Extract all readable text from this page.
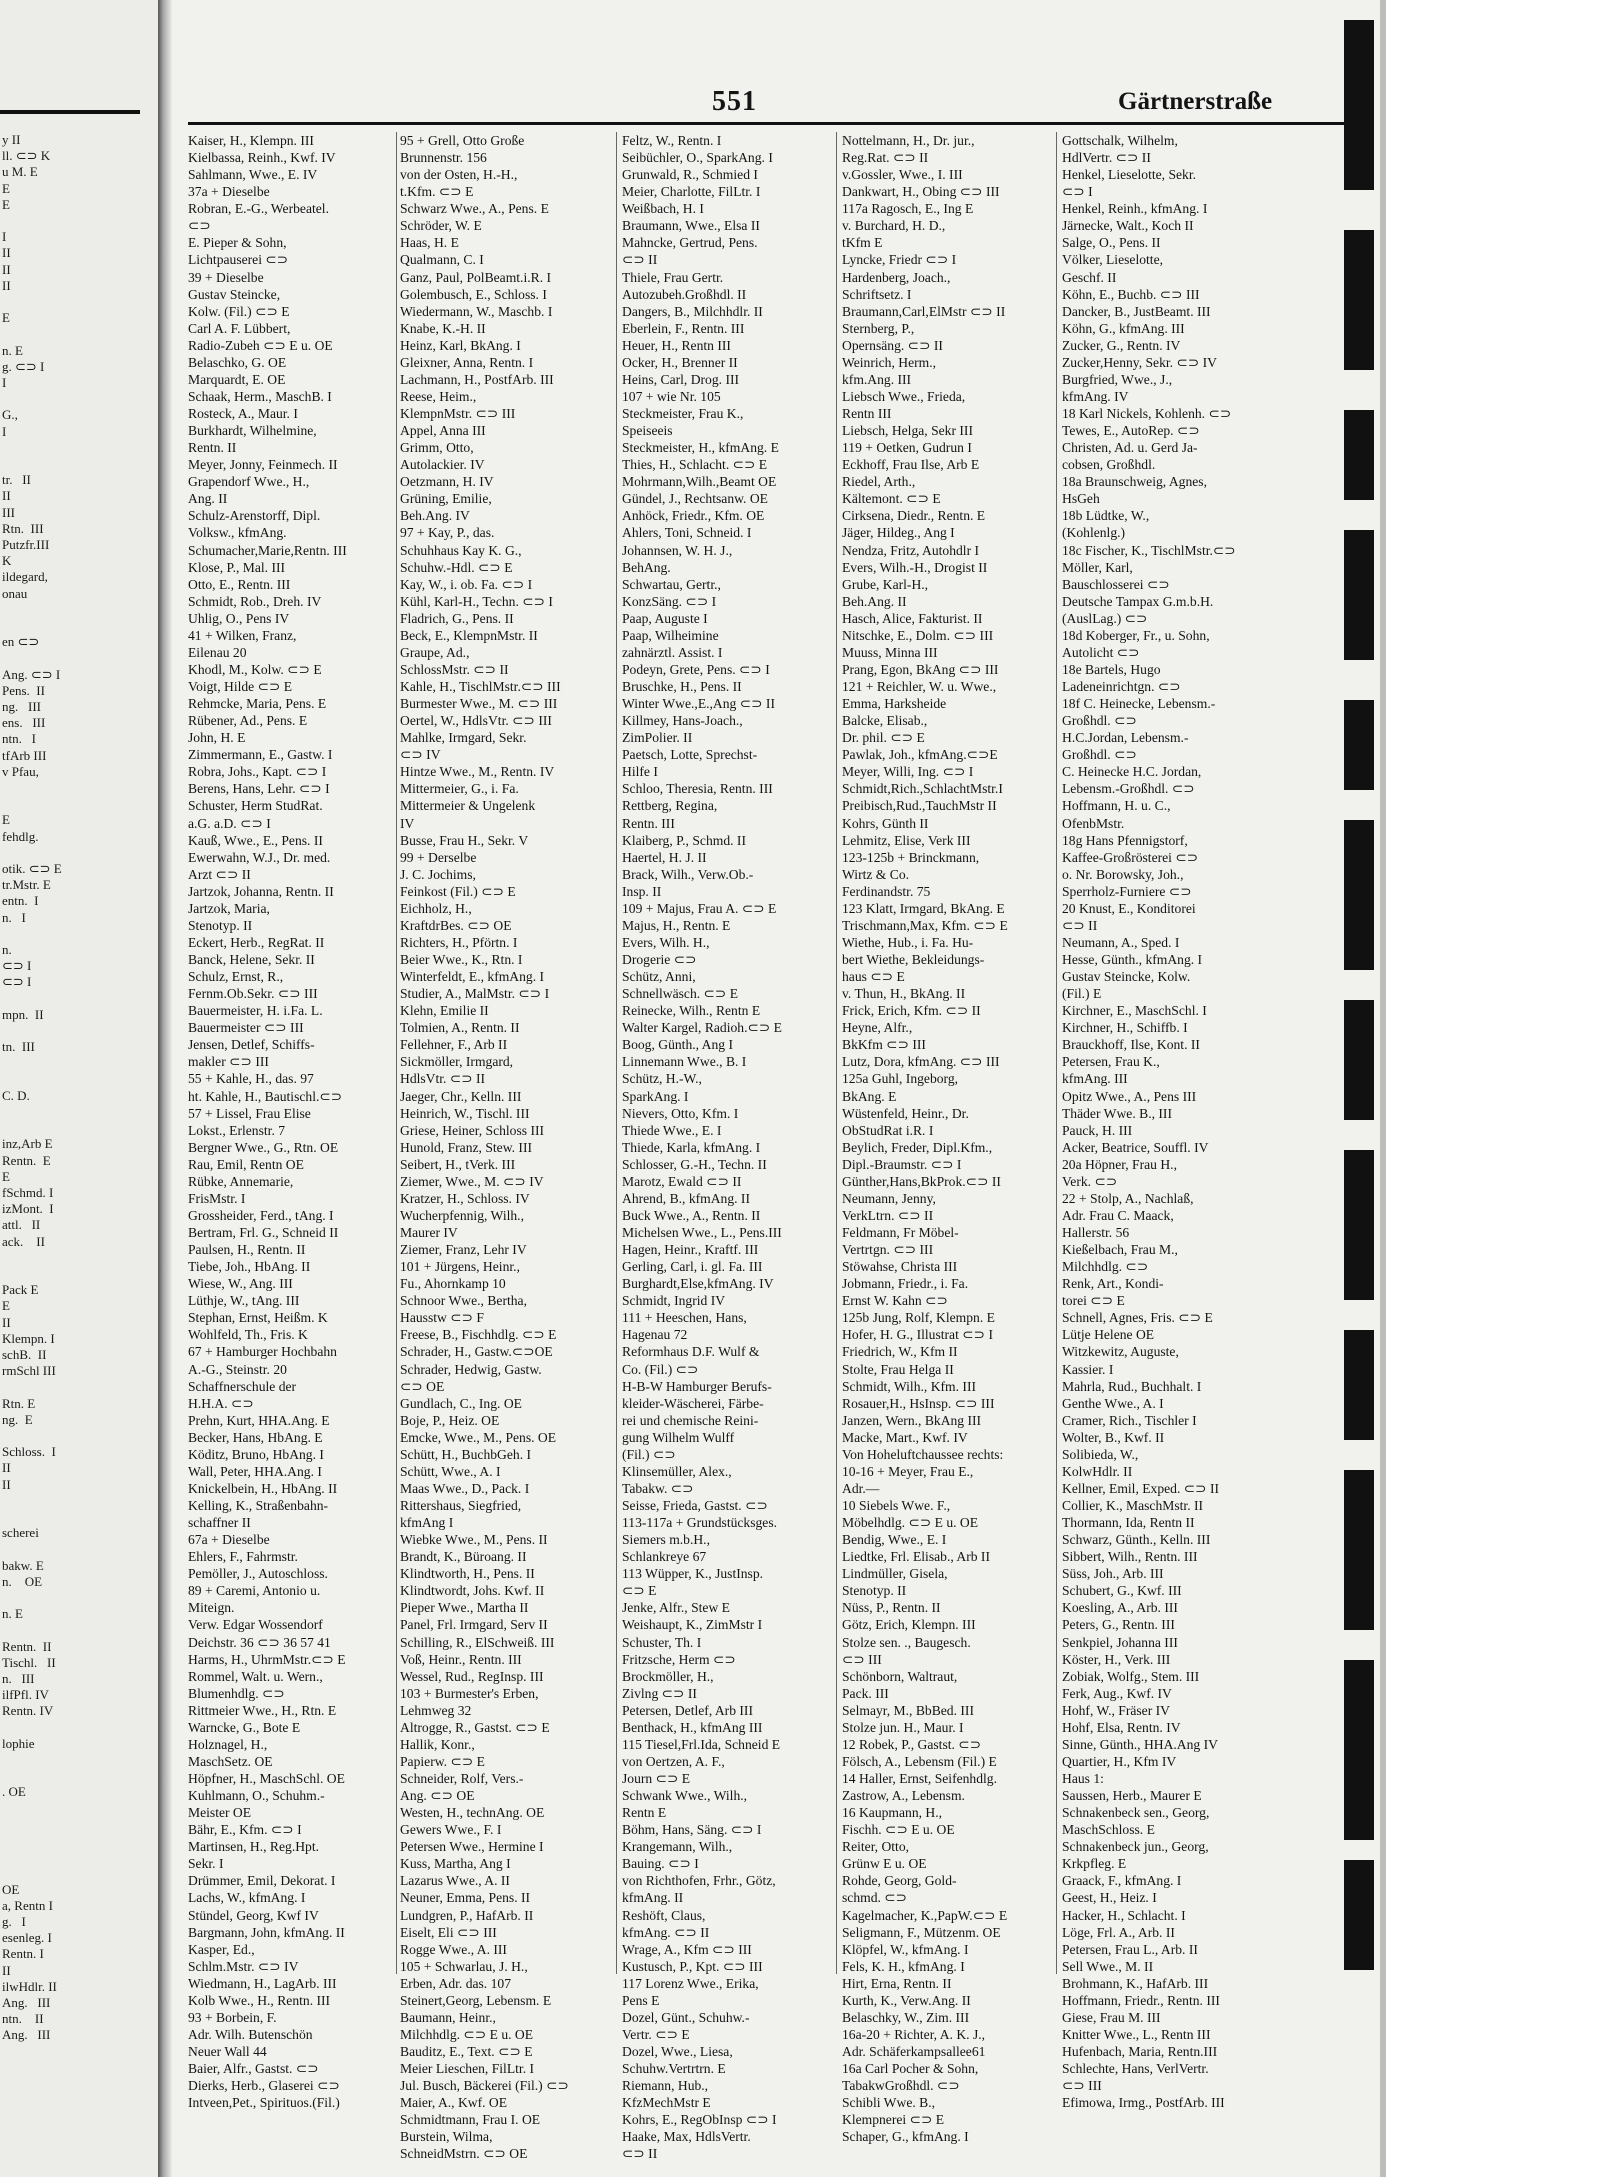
y II
ll. ⊂⊃ K
u M. E
E
E
I
II
II
II
E
n. E
g. ⊂⊃ I
I
G.,
I
tr.   II
II
III
Rtn.  III
Putzfr.III
K
ildegard,
onau
en ⊂⊃
Ang. ⊂⊃ I
Pens.  II
ng.   III
ens.   III
ntn.   I
tfArb III
v Pfau,
E
fehdlg.
otik. ⊂⊃ E
tr.Mstr. E
entn.  I
n.   I
n.
⊂⊃ I
⊂⊃ I
mpn.  II
tn.  III
C. D.
inz,Arb E
Rentn.  E
E
fSchmd. I
izMont.  I
attl.   II
ack.    II
Pack E
E
II
Klempn. I
schB.  II
rmSchl III
Rtn. E
ng.  E
Schloss.  I
II
II
scherei
bakw. E
n.    OE
n. E
Rentn.  II
Tischl.   II
n.   III
ilfPfl. IV
Rentn. IV
lophie
. OE
OE
a, Rentn I
g.   I
esenleg. I
Rentn. I
II
ilwHdlr. II
Ang.   III
ntn.    II
Ang.   III
551	Gärtnerstraße
Kaiser, H., Klempn. III
Kielbassa, Reinh., Kwf. IV
Sahlmann, Wwe., E. IV
37a + Dieselbe
Robran, E.-G., Werbeatel.
⊂⊃
E. Pieper & Sohn,
Lichtpauserei ⊂⊃
39 + Dieselbe
Gustav Steincke,
Kolw. (Fil.) ⊂⊃ E
Carl A. F. Lübbert,
Radio-Zubeh ⊂⊃ E u. OE
Belaschko, G. OE
Marquardt, E. OE
Schaak, Herm., MaschB. I
Rosteck, A., Maur. I
Burkhardt, Wilhelmine,
Rentn. II
Meyer, Jonny, Feinmech. II
Grapendorf Wwe., H.,
Ang. II
Schulz-Arenstorff, Dipl.
Volksw., kfmAng.
Schumacher,Marie,Rentn. III
Klose, P., Mal. III
Otto, E., Rentn. III
Schmidt, Rob., Dreh. IV
Uhlig, O., Pens IV
41 + Wilken, Franz,
Eilenau 20
Khodl, M., Kolw. ⊂⊃ E
Voigt, Hilde ⊂⊃ E
Rehmcke, Maria, Pens. E
Rübener, Ad., Pens. E
John, H. E
Zimmermann, E., Gastw. I
Robra, Johs., Kapt. ⊂⊃ I
Berens, Hans, Lehr. ⊂⊃ I
Schuster, Herm StudRat.
a.G. a.D. ⊂⊃ I
Kauß, Wwe., E., Pens. II
Ewerwahn, W.J., Dr. med.
Arzt ⊂⊃ II
Jartzok, Johanna, Rentn. II
Jartzok, Maria,
Stenotyp. II
Eckert, Herb., RegRat. II
Banck, Helene, Sekr. II
Schulz, Ernst, R.,
Fernm.Ob.Sekr. ⊂⊃ III
Bauermeister, H. i.Fa. L.
Bauermeister ⊂⊃ III
Jensen, Detlef, Schiffs-
makler ⊂⊃ III
55 + Kahle, H., das. 97
ht. Kahle, H., Bautischl.⊂⊃
57 + Lissel, Frau Elise
Lokst., Erlenstr. 7
Bergner Wwe., G., Rtn. OE
Rau, Emil, Rentn OE
Rübke, Annemarie,
FrisMstr. I
Grossheider, Ferd., tAng. I
Bertram, Frl. G., Schneid II
Paulsen, H., Rentn. II
Tiebe, Joh., HbAng. II
Wiese, W., Ang. III
Lüthje, W., tAng. III
Stephan, Ernst, Heißm. K
Wohlfeld, Th., Fris. K
67 + Hamburger Hochbahn
A.-G., Steinstr. 20
Schaffnerschule der
H.H.A. ⊂⊃
Prehn, Kurt, HHA.Ang. E
Becker, Hans, HbAng. E
Köditz, Bruno, HbAng. I
Wall, Peter, HHA.Ang. I
Knickelbein, H., HbAng. II
Kelling, K., Straßenbahn-
schaffner II
67a + Dieselbe
Ehlers, F., Fahrmstr.
Pemöller, J., Autoschloss.
89 + Caremi, Antonio u.
Miteign.
Verw. Edgar Wossendorf
Deichstr. 36 ⊂⊃ 36 57 41
Harms, H., UhrmMstr.⊂⊃ E
Rommel, Walt. u. Wern.,
Blumenhdlg. ⊂⊃
Rittmeier Wwe., H., Rtn. E
Warncke, G., Bote E
Holznagel, H.,
MaschSetz. OE
Höpfner, H., MaschSchl. OE
Kuhlmann, O., Schuhm.-
Meister OE
Bähr, E., Kfm. ⊂⊃ I
Martinsen, H., Reg.Hpt.
Sekr. I
Drümmer, Emil, Dekorat. I
Lachs, W., kfmAng. I
Stündel, Georg, Kwf IV
Bargmann, John, kfmAng. II
Kasper, Ed.,
Schlm.Mstr. ⊂⊃ IV
Wiedmann, H., LagArb. III
Kolb Wwe., H., Rentn. III
93 + Borbein, F.
Adr. Wilh. Butenschön
Neuer Wall 44
Baier, Alfr., Gastst. ⊂⊃
Dierks, Herb., Glaserei ⊂⊃
Intveen,Pet., Spirituos.(Fil.)
95 + Grell, Otto Große
Brunnenstr. 156
von der Osten, H.-H.,
t.Kfm. ⊂⊃ E
Schwarz Wwe., A., Pens. E
Schröder, W. E
Haas, H. E
Qualmann, C. I
Ganz, Paul, PolBeamt.i.R. I
Golembusch, E., Schloss. I
Wiedermann, W., Maschb. I
Knabe, K.-H. II
Heinz, Karl, BkAng. I
Gleixner, Anna, Rentn. I
Lachmann, H., PostfArb. III
Reese, Heim.,
KlempnMstr. ⊂⊃ III
Appel, Anna III
Grimm, Otto,
Autolackier. IV
Oetzmann, H. IV
Grüning, Emilie,
Beh.Ang. IV
97 + Kay, P., das.
Schuhhaus Kay K. G.,
Schuhw.-Hdl. ⊂⊃ E
Kay, W., i. ob. Fa. ⊂⊃ I
Kühl, Karl-H., Techn. ⊂⊃ I
Fladrich, G., Pens. II
Beck, E., KlempnMstr. II
Graupe, Ad.,
SchlossMstr. ⊂⊃ II
Kahle, H., TischlMstr.⊂⊃ III
Burmester Wwe., M. ⊂⊃ III
Oertel, W., HdlsVtr. ⊂⊃ III
Mahlke, Irmgard, Sekr.
⊂⊃ IV
Hintze Wwe., M., Rentn. IV
Mittermeier, G., i. Fa.
Mittermeier & Ungelenk
IV
Busse, Frau H., Sekr. V
99 + Derselbe
J. C. Jochims,
Feinkost (Fil.) ⊂⊃ E
Eichholz, H.,
KraftdrBes. ⊂⊃ OE
Richters, H., Pförtn. I
Beier Wwe., K., Rtn. I
Winterfeldt, E., kfmAng. I
Studier, A., MalMstr. ⊂⊃ I
Klehn, Emilie II
Tolmien, A., Rentn. II
Fellehner, F., Arb II
Sickmöller, Irmgard,
HdlsVtr. ⊂⊃ II
Jaeger, Chr., Kelln. III
Heinrich, W., Tischl. III
Griese, Heiner, Schloss III
Hunold, Franz, Stew. III
Seibert, H., tVerk. III
Ziemer, Wwe., M. ⊂⊃ IV
Kratzer, H., Schloss. IV
Wucherpfennig, Wilh.,
Maurer IV
Ziemer, Franz, Lehr IV
101 + Jürgens, Heinr.,
Fu., Ahornkamp 10
Schnoor Wwe., Bertha,
Hausstw ⊂⊃ F
Freese, B., Fischhdlg. ⊂⊃ E
Schrader, H., Gastw.⊂⊃OE
Schrader, Hedwig, Gastw.
⊂⊃ OE
Gundlach, C., Ing. OE
Boje, P., Heiz. OE
Emcke, Wwe., M., Pens. OE
Schütt, H., BuchbGeh. I
Schütt, Wwe., A. I
Maas Wwe., D., Pack. I
Rittershaus, Siegfried,
kfmAng I
Wiebke Wwe., M., Pens. II
Brandt, K., Büroang. II
Klindtworth, H., Pens. II
Klindtwordt, Johs. Kwf. II
Pieper Wwe., Martha II
Panel, Frl. Irmgard, Serv II
Schilling, R., ElSchweiß. III
Voß, Heinr., Rentn. III
Wessel, Rud., RegInsp. III
103 + Burmester's Erben,
Lehmweg 32
Altrogge, R., Gastst. ⊂⊃ E
Hallik, Konr.,
Papierw. ⊂⊃ E
Schneider, Rolf, Vers.-
Ang. ⊂⊃ OE
Westen, H., technAng. OE
Gewers Wwe., F. I
Petersen Wwe., Hermine I
Kuss, Martha, Ang I
Lazarus Wwe., A. II
Neuner, Emma, Pens. II
Lundgren, P., HafArb. II
Eiselt, Eli ⊂⊃ III
Rogge Wwe., A. III
105 + Schwarlau, J. H.,
Erben, Adr. das. 107
Steinert,Georg, Lebensm. E
Baumann, Heinr.,
Milchhdlg. ⊂⊃ E u. OE
Bauditz, E., Text. ⊂⊃ E
Meier Lieschen, FilLtr. I
Jul. Busch, Bäckerei (Fil.) ⊂⊃
Maier, A., Kwf. OE
Schmidtmann, Frau I. OE
Burstein, Wilma,
SchneidMstrn. ⊂⊃ OE
Feltz, W., Rentn. I
Seibüchler, O., SparkAng. I
Grunwald, R., Schmied I
Meier, Charlotte, FilLtr. I
Weißbach, H. I
Braumann, Wwe., Elsa II
Mahncke, Gertrud, Pens.
⊂⊃ II
Thiele, Frau Gertr.
Autozubeh.Großhdl. II
Dangers, B., Milchhdlr. II
Eberlein, F., Rentn. III
Heuer, H., Rentn III
Ocker, H., Brenner II
Heins, Carl, Drog. III
107 + wie Nr. 105
Steckmeister, Frau K.,
Speiseeis
Steckmeister, H., kfmAng. E
Thies, H., Schlacht. ⊂⊃ E
Mohrmann,Wilh.,Beamt OE
Gündel, J., Rechtsanw. OE
Anhöck, Friedr., Kfm. OE
Ahlers, Toni, Schneid. I
Johannsen, W. H. J.,
BehAng.
Schwartau, Gertr.,
KonzSäng. ⊂⊃ I
Paap, Auguste I
Paap, Wilheimine
zahnärztl. Assist. I
Podeyn, Grete, Pens. ⊂⊃ I
Bruschke, H., Pens. II
Winter Wwe.,E.,Ang ⊂⊃ II
Killmey, Hans-Joach.,
ZimPolier. II
Paetsch, Lotte, Sprechst-
Hilfe I
Schloo, Theresia, Rentn. III
Rettberg, Regina,
Rentn. III
Klaiberg, P., Schmd. II
Haertel, H. J. II
Brack, Wilh., Verw.Ob.-
Insp. II
109 + Majus, Frau A. ⊂⊃ E
Majus, H., Rentn. E
Evers, Wilh. H.,
Drogerie ⊂⊃
Schütz, Anni,
Schnellwäsch. ⊂⊃ E
Reinecke, Wilh., Rentn E
Walter Kargel, Radioh.⊂⊃ E
Boog, Günth., Ang I
Linnemann Wwe., B. I
Schütz, H.-W.,
SparkAng. I
Nievers, Otto, Kfm. I
Thiede Wwe., E. I
Thiede, Karla, kfmAng. I
Schlosser, G.-H., Techn. II
Marotz, Ewald ⊂⊃ II
Ahrend, B., kfmAng. II
Buck Wwe., A., Rentn. II
Michelsen Wwe., L., Pens.III
Hagen, Heinr., Kraftf. III
Gerling, Carl, i. gl. Fa. III
Burghardt,Else,kfmAng. IV
Schmidt, Ingrid IV
111 + Heeschen, Hans,
Hagenau 72
Reformhaus D.F. Wulf &
Co. (Fil.) ⊂⊃
H-B-W Hamburger Berufs-
kleider-Wäscherei, Färbe-
rei und chemische Reini-
gung Wilhelm Wulff
(Fil.) ⊂⊃
Klinsemüller, Alex.,
Tabakw. ⊂⊃
Seisse, Frieda, Gastst. ⊂⊃
113-117a + Grundstücksges.
Siemers m.b.H.,
Schlankreye 67
113 Wüpper, K., JustInsp.
⊂⊃ E
Jenke, Alfr., Stew E
Weishaupt, K., ZimMstr I
Schuster, Th. I
Fritzsche, Herm ⊂⊃
Brockmöller, H.,
Zivlng ⊂⊃ II
Petersen, Detlef, Arb III
Benthack, H., kfmAng III
115 Tiesel,Frl.Ida, Schneid E
von Oertzen, A. F.,
Journ ⊂⊃ E
Schwank Wwe., Wilh.,
Rentn E
Böhm, Hans, Säng. ⊂⊃ I
Krangemann, Wilh.,
Bauing. ⊂⊃ I
von Richthofen, Frhr., Götz,
kfmAng. II
Reshöft, Claus,
kfmAng. ⊂⊃ II
Wrage, A., Kfm ⊂⊃ III
Kustusch, P., Kpt. ⊂⊃ III
117 Lorenz Wwe., Erika,
Pens E
Dozel, Günt., Schuhw.-
Vertr. ⊂⊃ E
Dozel, Wwe., Liesa,
Schuhw.Vertrtrn. E
Riemann, Hub.,
KfzMechMstr E
Kohrs, E., RegObInsp ⊂⊃ I
Haake, Max, HdlsVertr.
⊂⊃ II
Nottelmann, H., Dr. jur.,
Reg.Rat. ⊂⊃ II
v.Gossler, Wwe., I. III
Dankwart, H., Obing ⊂⊃ III
117a Ragosch, E., Ing E
v. Burchard, H. D.,
tKfm E
Lyncke, Friedr ⊂⊃ I
Hardenberg, Joach.,
Schriftsetz. I
Braumann,Carl,ElMstr ⊂⊃ II
Sternberg, P.,
Opernsäng. ⊂⊃ II
Weinrich, Herm.,
kfm.Ang. III
Liebsch Wwe., Frieda,
Rentn III
Liebsch, Helga, Sekr III
119 + Oetken, Gudrun I
Eckhoff, Frau Ilse, Arb E
Riedel, Arth.,
Kältemont. ⊂⊃ E
Cirksena, Diedr., Rentn. E
Jäger, Hildeg., Ang I
Nendza, Fritz, Autohdlr I
Evers, Wilh.-H., Drogist II
Grube, Karl-H.,
Beh.Ang. II
Hasch, Alice, Fakturist. II
Nitschke, E., Dolm. ⊂⊃ III
Muuss, Minna III
Prang, Egon, BkAng ⊂⊃ III
121 + Reichler, W. u. Wwe.,
Emma, Harksheide
Balcke, Elisab.,
Dr. phil. ⊂⊃ E
Pawlak, Joh., kfmAng.⊂⊃E
Meyer, Willi, Ing. ⊂⊃ I
Schmidt,Rich.,SchlachtMstr.I
Preibisch,Rud.,TauchMstr II
Kohrs, Günth II
Lehmitz, Elise, Verk III
123-125b + Brinckmann,
Wirtz & Co.
Ferdinandstr. 75
123 Klatt, Irmgard, BkAng. E
Trischmann,Max, Kfm. ⊂⊃ E
Wiethe, Hub., i. Fa. Hu-
bert Wiethe, Bekleidungs-
haus ⊂⊃ E
v. Thun, H., BkAng. II
Frick, Erich, Kfm. ⊂⊃ II
Heyne, Alfr.,
BkKfm ⊂⊃ III
Lutz, Dora, kfmAng. ⊂⊃ III
125a Guhl, Ingeborg,
BkAng. E
Wüstenfeld, Heinr., Dr.
ObStudRat i.R. I
Beylich, Freder, Dipl.Kfm.,
Dipl.-Braumstr. ⊂⊃ I
Günther,Hans,BkProk.⊂⊃ II
Neumann, Jenny,
VerkLtrn. ⊂⊃ II
Feldmann, Fr Möbel-
Vertrtgn. ⊂⊃ III
Stöwahse, Christa III
Jobmann, Friedr., i. Fa.
Ernst W. Kahn ⊂⊃
125b Jung, Rolf, Klempn. E
Hofer, H. G., Illustrat ⊂⊃ I
Friedrich, W., Kfm II
Stolte, Frau Helga II
Schmidt, Wilh., Kfm. III
Rosauer,H., HsInsp. ⊂⊃ III
Janzen, Wern., BkAng III
Macke, Mart., Kwf. IV
Von Hoheluftchaussee rechts:
10-16 + Meyer, Frau E.,
Adr.—
10 Siebels Wwe. F.,
Möbelhdlg. ⊂⊃ E u. OE
Bendig, Wwe., E. I
Liedtke, Frl. Elisab., Arb II
Lindmüller, Gisela,
Stenotyp. II
Nüss, P., Rentn. II
Götz, Erich, Klempn. III
Stolze sen. ., Baugesch.
⊂⊃ III
Schönborn, Waltraut,
Pack. III
Selmayr, M., BbBed. III
Stolze jun. H., Maur. I
12 Robek, P., Gastst. ⊂⊃
Fölsch, A., Lebensm (Fil.) E
14 Haller, Ernst, Seifenhdlg.
Zastrow, A., Lebensm.
16 Kaupmann, H.,
Fischh. ⊂⊃ E u. OE
Reiter, Otto,
Grünw E u. OE
Rohde, Georg, Gold-
schmd. ⊂⊃
Kagelmacher, K.,PapW.⊂⊃ E
Seligmann, F., Mützenm. OE
Klöpfel, W., kfmAng. I
Fels, K. H., kfmAng. I
Hirt, Erna, Rentn. II
Kurth, K., Verw.Ang. II
Belaschky, W., Zim. III
16a-20 + Richter, A. K. J.,
Adr. Schäferkampsallee61
16a Carl Pocher & Sohn,
TabakwGroßhdl. ⊂⊃
Schibli Wwe. B.,
Klempnerei ⊂⊃ E
Schaper, G., kfmAng. I
Gottschalk, Wilhelm,
HdlVertr. ⊂⊃ II
Henkel, Lieselotte, Sekr.
⊂⊃ I
Henkel, Reinh., kfmAng. I
Järnecke, Walt., Koch II
Salge, O., Pens. II
Völker, Lieselotte,
Geschf. II
Köhn, E., Buchb. ⊂⊃ III
Dancker, B., JustBeamt. III
Köhn, G., kfmAng. III
Zucker, G., Rentn. IV
Zucker,Henny, Sekr. ⊂⊃ IV
Burgfried, Wwe., J.,
kfmAng. IV
18 Karl Nickels, Kohlenh. ⊂⊃
Tewes, E., AutoRep. ⊂⊃
Christen, Ad. u. Gerd Ja-
cobsen, Großhdl.
18a Braunschweig, Agnes,
HsGeh
18b Lüdtke, W.,
(Kohlenlg.)
18c Fischer, K., TischlMstr.⊂⊃
Möller, Karl,
Bauschlosserei ⊂⊃
Deutsche Tampax G.m.b.H.
(AuslLag.) ⊂⊃
18d Koberger, Fr., u. Sohn,
Autolicht ⊂⊃
18e Bartels, Hugo
Ladeneinrichtgn. ⊂⊃
18f C. Heinecke, Lebensm.-
Großhdl. ⊂⊃
H.C.Jordan, Lebensm.-
Großhdl. ⊂⊃
C. Heinecke H.C. Jordan,
Lebensm.-Großhdl. ⊂⊃
Hoffmann, H. u. C.,
OfenbMstr.
18g Hans Pfennigstorf,
Kaffee-Großrösterei ⊂⊃
o. Nr. Borowsky, Joh.,
Sperrholz-Furniere ⊂⊃
20 Knust, E., Konditorei
⊂⊃ II
Neumann, A., Sped. I
Hesse, Günth., kfmAng. I
Gustav Steincke, Kolw.
(Fil.) E
Kirchner, E., MaschSchl. I
Kirchner, H., Schiffb. I
Brauckhoff, Ilse, Kont. II
Petersen, Frau K.,
kfmAng. III
Opitz Wwe., A., Pens III
Thäder Wwe. B., III
Pauck, H. III
Acker, Beatrice, Souffl. IV
20a Höpner, Frau H.,
Verk. ⊂⊃
22 + Stolp, A., Nachlaß,
Adr. Frau C. Maack,
Hallerstr. 56
Kießelbach, Frau M.,
Milchhdlg. ⊂⊃
Renk, Art., Kondi-
torei ⊂⊃ E
Schnell, Agnes, Fris. ⊂⊃ E
Lütje Helene OE
Witzkewitz, Auguste,
Kassier. I
Mahrla, Rud., Buchhalt. I
Genthe Wwe., A. I
Cramer, Rich., Tischler I
Wolter, B., Kwf. II
Solibieda, W.,
KolwHdlr. II
Kellner, Emil, Exped. ⊂⊃ II
Collier, K., MaschMstr. II
Thormann, Ida, Rentn II
Schwarz, Günth., Kelln. III
Sibbert, Wilh., Rentn. III
Süss, Joh., Arb. III
Schubert, G., Kwf. III
Koesling, A., Arb. III
Peters, G., Rentn. III
Senkpiel, Johanna III
Köster, H., Verk. III
Zobiak, Wolfg., Stem. III
Ferk, Aug., Kwf. IV
Hohf, W., Fräser IV
Hohf, Elsa, Rentn. IV
Sinne, Günth., HHA.Ang IV
Quartier, H., Kfm IV
Haus 1:
Saussen, Herb., Maurer E
Schnakenbeck sen., Georg,
MaschSchloss. E
Schnakenbeck jun., Georg,
Krkpfleg. E
Graack, F., kfmAng. I
Geest, H., Heiz. I
Hacker, H., Schlacht. I
Löge, Frl. A., Arb. II
Petersen, Frau L., Arb. II
Sell Wwe., M. II
Brohmann, K., HafArb. III
Hoffmann, Friedr., Rentn. III
Giese, Frau M. III
Knitter Wwe., L., Rentn III
Hufenbach, Maria, Rentn.III
Schlechte, Hans, VerlVertr.
⊂⊃ III
Efimowa, Irmg., PostfArb. III
